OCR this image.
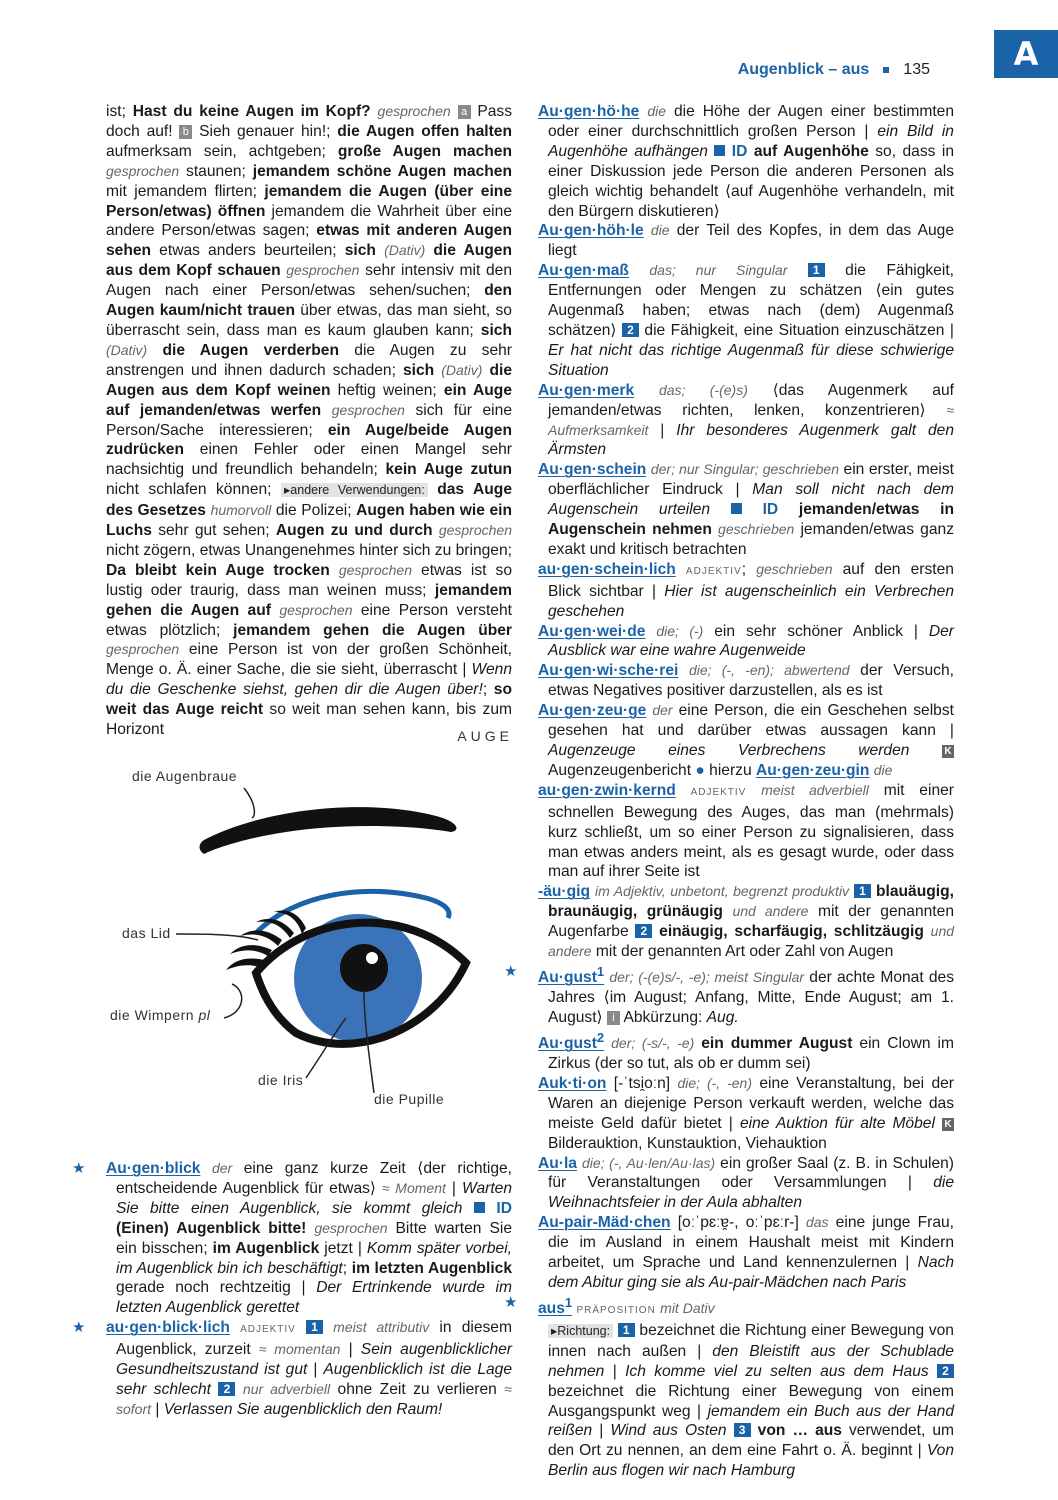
A
Augenblick – aus 135

ist; Hast du keine Augen im Kopf? gesprochen a Pass doch auf! b Sieh genauer hin!; die Augen offen halten aufmerksam sein, achtgeben; große Augen machen gesprochen staunen; jemandem schöne Augen machen mit jemandem flirten; jemandem die Augen (über eine Person/etwas) öffnen jemandem die Wahrheit über eine andere Person/etwas sagen; etwas mit anderen Augen sehen etwas anders beurteilen; sich (Dativ) die Augen aus dem Kopf schauen gesprochen sehr intensiv mit den Augen nach einer Person/etwas sehen/suchen; den Augen kaum/nicht trauen über etwas, das man sieht, so überrascht sein, dass man es kaum glauben kann; sich (Dativ) die Augen verderben die Augen zu sehr anstrengen und ihnen dadurch schaden; sich (Dativ) die Augen aus dem Kopf weinen heftig weinen; ein Auge auf jemanden/etwas werfen gesprochen sich für eine Person/Sache interessieren; ein Auge/beide Augen zudrücken einen Fehler oder einen Mangel sehr nachsichtig und freundlich behandeln; kein Auge zutun nicht schlafen können; ▸andere Verwendungen: das Auge des Gesetzes humorvoll die Polizei; Augen haben wie ein Luchs sehr gut sehen; Augen zu und durch gesprochen nicht zögern, etwas Unangenehmes hinter sich zu bringen; Da bleibt kein Auge trocken gesprochen etwas ist so lustig oder traurig, dass man weinen muss; jemandem gehen die Augen auf gesprochen eine Person versteht etwas plötzlich; jemandem gehen die Augen über gesprochen eine Person ist von der großen Schönheit, Menge o. Ä. einer Sache, die sie sieht, überrascht | Wenn du die Geschenke siehst, gehen dir die Augen über!; so weit das Auge reicht so weit man sehen kann, bis zum Horizont	AUGE
die Augenbraue
das Lid
die Wimpern pl
die Iris
die Pupille

★ Au·gen·blick der eine ganz kurze Zeit ⟨der richtige, entscheidende Augenblick für etwas⟩ ≈ Moment | Warten Sie bitte einen Augenblick, sie kommt gleich ID (Einen) Augenblick bitte! gesprochen Bitte warten Sie ein bisschen; im Augenblick jetzt | Komm später vorbei, im Augenblick bin ich beschäftigt; im letzten Augenblick gerade noch rechtzeitig | Der Ertrinkende wurde im letzten Augenblick gerettet

★ au·gen·blick·lich ADJEKTIV 1 meist attributiv in diesem Augenblick, zurzeit ≈ momentan | Sein augenblicklicher Gesundheitszustand ist gut | Augenblicklich ist die Lage sehr schlecht 2 nur adverbiell ohne Zeit zu verlieren ≈ sofort | Verlassen Sie augenblicklich den Raum!

Au·gen·hö·he die die Höhe der Augen einer bestimmten oder einer durchschnittlich großen Person | ein Bild in Augenhöhe aufhängen ID auf Augenhöhe so, dass in einer Diskussion jede Person die anderen Personen als gleich wichtig behandelt ⟨auf Augenhöhe verhandeln, mit den Bürgern diskutieren⟩

Au·gen·höh·le die der Teil des Kopfes, in dem das Auge liegt

Au·gen·maß das; nur Singular 1 die Fähigkeit, Entfernungen oder Mengen zu schätzen ⟨ein gutes Augenmaß haben; etwas nach (dem) Augenmaß schätzen⟩ 2 die Fähigkeit, eine Situation einzuschätzen | Er hat nicht das richtige Augenmaß für diese schwierige Situation

Au·gen·merk das; (-(e)s) ⟨das Augenmerk auf jemanden/etwas richten, lenken, konzentrieren⟩ ≈ Aufmerksamkeit | Ihr besonderes Augenmerk galt den Ärmsten

Au·gen·schein der; nur Singular; geschrieben ein erster, meist oberflächlicher Eindruck | Man soll nicht nach dem Augenschein urteilen	ID jemanden/etwas in Augenschein nehmen geschrieben jemanden/etwas ganz exakt und kritisch betrachten

au·gen·schein·lich ADJEKTIV; geschrieben auf den ersten Blick sichtbar | Hier ist augenscheinlich ein Verbrechen geschehen

Au·gen·wei·de die; (-) ein sehr schöner Anblick | Der Ausblick war eine wahre Augenweide

Au·gen·wi·sche·rei die; (-, -en); abwertend der Versuch, etwas Negatives positiver darzustellen, als es ist

Au·gen·zeu·ge der eine Person, die ein Geschehen selbst gesehen hat und darüber etwas aussagen kann | Augenzeuge eines Verbrechens werden	K Augenzeugenbericht ● hierzu Au·gen·zeu·gin die

au·gen·zwin·kernd ADJEKTIV meist adverbiell mit einer schnellen Bewegung des Auges, das man (mehrmals) kurz schließt, um so einer Person zu signalisieren, dass man etwas anders meint, als es gesagt wurde, oder dass man auf ihrer Seite ist

-äu·gig im Adjektiv, unbetont, begrenzt produktiv 1 blauäugig, braunäugig, grünäugig und andere mit der genannten Augenfarbe 2 einäugig, scharfäugig, schlitzäugig und andere mit der genannten Art oder Zahl von Augen

★ Au·gust$^1$ der; (-(e)s/-, -e); meist Singular der achte Monat des Jahres ⟨im August; Anfang, Mitte, Ende August; am 1. August⟩ i Abkürzung: Aug.

Au·gust$^2$ der; (-s/-, -e) ein dummer August ein Clown im Zirkus (der so tut, als ob er dumm sei)

Auk·ti·on [-ˈtsi̯oːn] die; (-, -en) eine Veranstaltung, bei der Waren an diejenige Person verkauft werden, welche das meiste Geld dafür bietet | eine Auktion für alte Möbel K Bilderauktion, Kunstauktion, Viehauktion

Au·la die; (-, Au·len/Au·las) ein großer Saal (z. B. in Schulen) für Veranstaltungen oder Versammlungen | die Weihnachtsfeier in der Aula abhalten

Au-pair-Mäd·chen [oːˈpɛːɐ̯-, oːˈpɛːr-] das eine junge Frau, die im Ausland in einem Haushalt meist mit Kindern arbeitet, um Sprache und Land kennenzulernen | Nach dem Abitur ging sie als Au-pair-Mädchen nach Paris

★ aus$^1$ PRÄPOSITION mit Dativ
▸Richtung: 1 bezeichnet die Richtung einer Bewegung von innen nach außen | den Bleistift aus der Schublade nehmen | Ich komme viel zu selten aus dem Haus 2 bezeichnet die Richtung einer Bewegung von einem Ausgangspunkt weg | jemandem ein Buch aus der Hand reißen | Wind aus Osten 3 von … aus verwendet, um den Ort zu nennen, an dem eine Fahrt o. Ä. beginnt | Von Berlin aus flogen wir nach Hamburg
